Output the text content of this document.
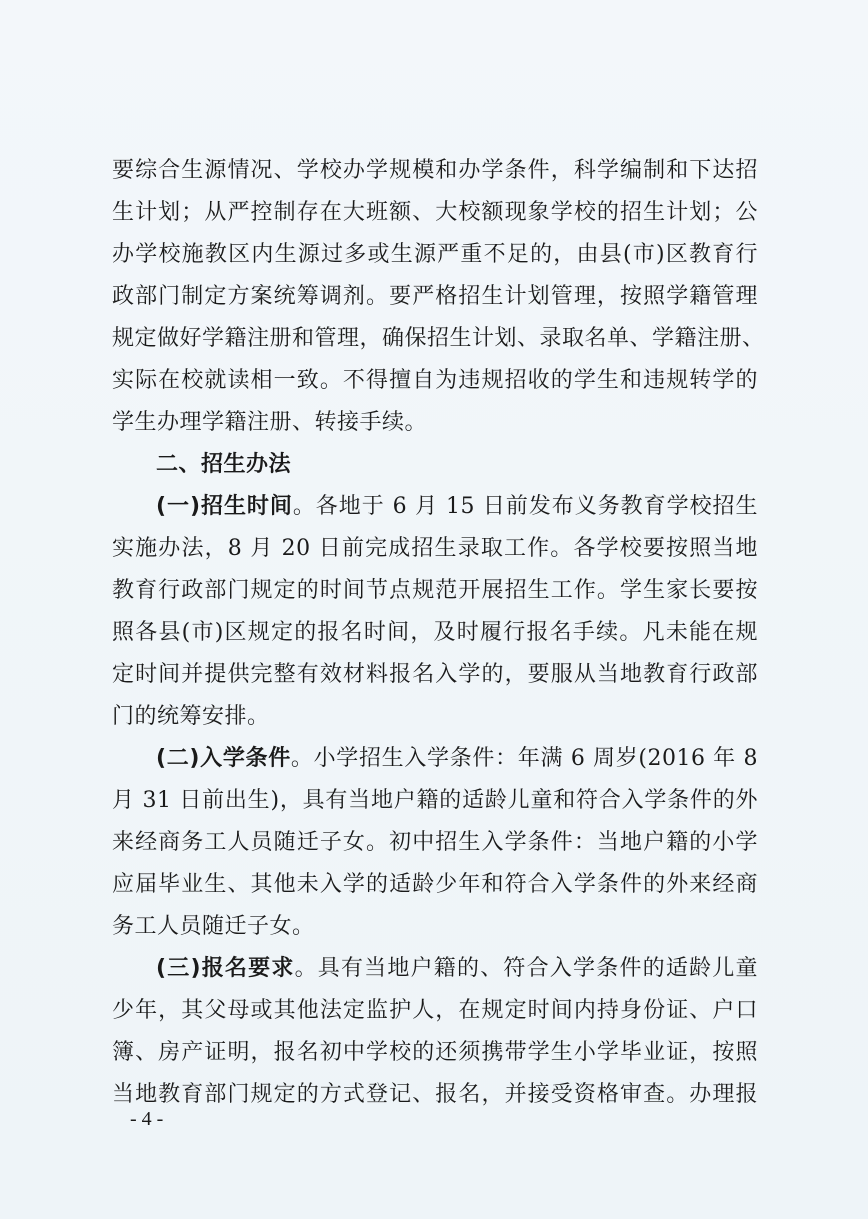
要综合生源情况、学校办学规模和办学条件，科学编制和下达招
生计划；从严控制存在大班额、大校额现象学校的招生计划；公
办学校施教区内生源过多或生源严重不足的，由县(市)区教育行
政部门制定方案统筹调剂。要严格招生计划管理，按照学籍管理
规定做好学籍注册和管理，确保招生计划、录取名单、学籍注册、
实际在校就读相一致。不得擅自为违规招收的学生和违规转学的
学生办理学籍注册、转接手续。
二、招生办法
(一)招生时间。各地于 6 月 15 日前发布义务教育学校招生
实施办法，8 月 20 日前完成招生录取工作。各学校要按照当地
教育行政部门规定的时间节点规范开展招生工作。学生家长要按
照各县(市)区规定的报名时间，及时履行报名手续。凡未能在规
定时间并提供完整有效材料报名入学的，要服从当地教育行政部
门的统筹安排。
(二)入学条件。小学招生入学条件：年满 6 周岁(2016 年 8
月 31 日前出生)，具有当地户籍的适龄儿童和符合入学条件的外
来经商务工人员随迁子女。初中招生入学条件：当地户籍的小学
应届毕业生、其他未入学的适龄少年和符合入学条件的外来经商
务工人员随迁子女。
(三)报名要求。具有当地户籍的、符合入学条件的适龄儿童
少年，其父母或其他法定监护人，在规定时间内持身份证、户口
簿、房产证明，报名初中学校的还须携带学生小学毕业证，按照
当地教育部门规定的方式登记、报名，并接受资格审查。办理报
- 4 -
